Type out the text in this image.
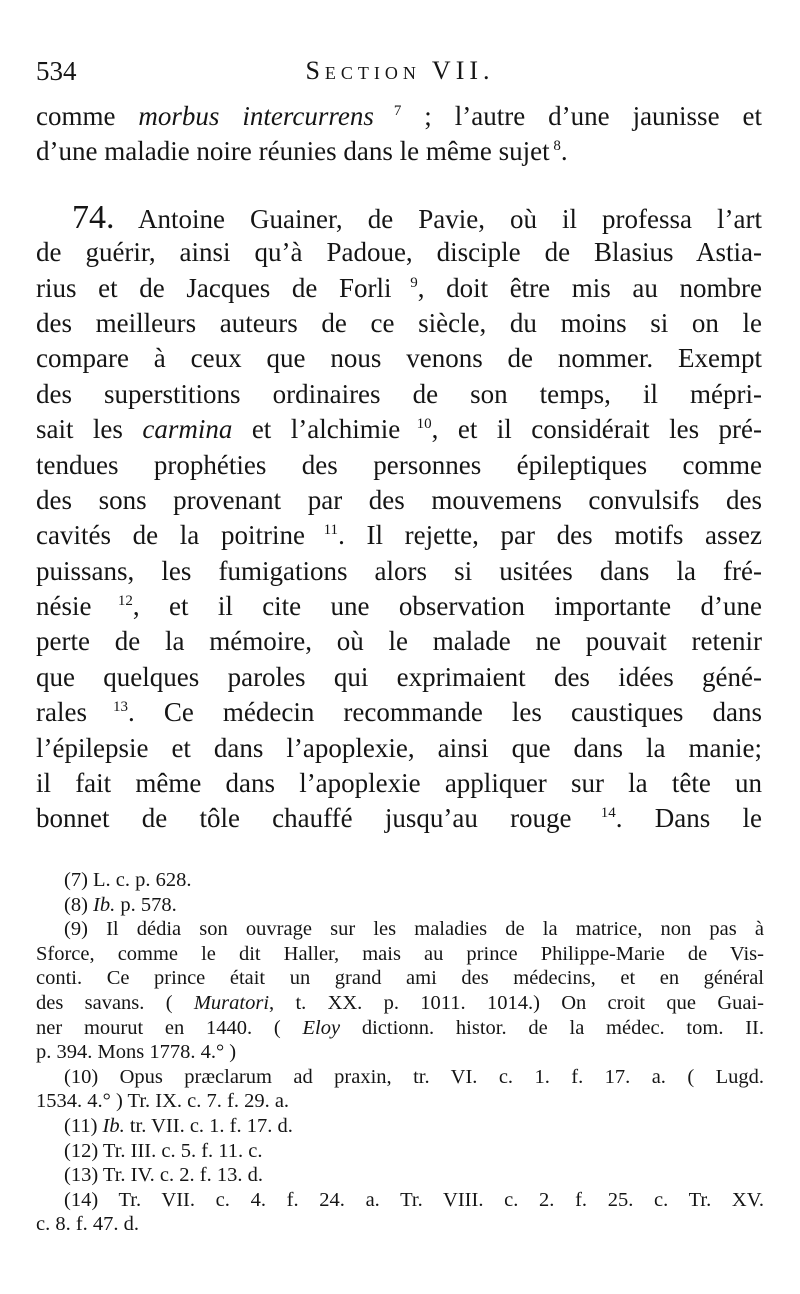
534	Section VII.
comme morbus intercurrens $^7$ ; l’autre d’une jaunisse et
d’une maladie noire réunies dans le même sujet $^8$.
74. Antoine Guainer, de Pavie, où il professa l’art
de guérir, ainsi qu’à Padoue, disciple de Blasius Astia-
rius et de Jacques de Forli $^9$, doit être mis au nombre
des meilleurs auteurs de ce siècle, du moins si on le
compare à ceux que nous venons de nommer. Exempt
des superstitions ordinaires de son temps, il mépri-
sait les carmina et l’alchimie $^{10}$, et il considérait les pré-
tendues prophéties des personnes épileptiques comme
des sons provenant par des mouvemens convulsifs des
cavités de la poitrine $^{11}$. Il rejette, par des motifs assez
puissans, les fumigations alors si usitées dans la fré-
nésie $^{12}$, et il cite une observation importante d’une
perte de la mémoire, où le malade ne pouvait retenir
que quelques paroles qui exprimaient des idées géné-
rales $^{13}$. Ce médecin recommande les caustiques dans
l’épilepsie et dans l’apoplexie, ainsi que dans la manie;
il fait même dans l’apoplexie appliquer sur la tête un
bonnet de tôle chauffé jusqu’au rouge $^{14}$. Dans le
(7) L. c. p. 628.
(8) Ib. p. 578.
(9) Il dédia son ouvrage sur les maladies de la matrice, non pas à
Sforce, comme le dit Haller, mais au prince Philippe-Marie de Vis-
conti. Ce prince était un grand ami des médecins, et en général
des savans. ( Muratori, t. XX. p. 1011. 1014.) On croit que Guai-
ner mourut en 1440. ( Eloy dictionn. histor. de la médec. tom. II.
p. 394. Mons 1778. 4.° )
(10) Opus præclarum ad praxin, tr. VI. c. 1. f. 17. a. ( Lugd.
1534. 4.° ) Tr. IX. c. 7. f. 29. a.
(11) Ib. tr. VII. c. 1. f. 17. d.
(12) Tr. III. c. 5. f. 11. c.
(13) Tr. IV. c. 2. f. 13. d.
(14) Tr. VII. c. 4. f. 24. a. Tr. VIII. c. 2. f. 25. c. Tr. XV.
c. 8. f. 47. d.
